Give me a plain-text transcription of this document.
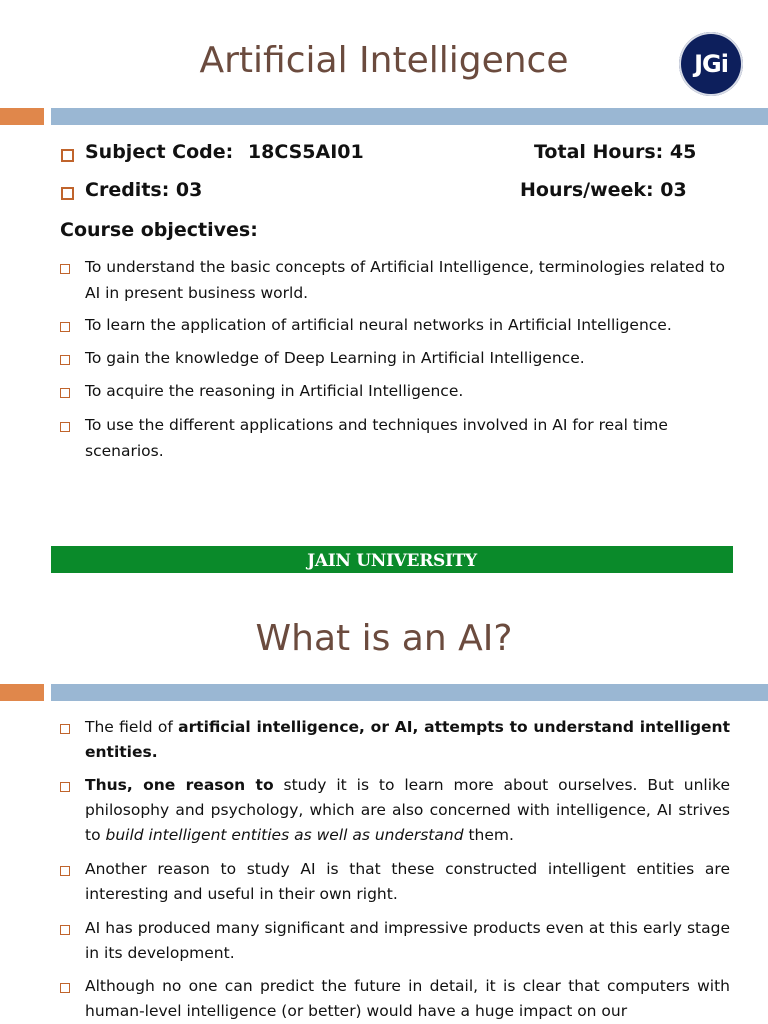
Artificial Intelligence	JGi
Subject Code: 18CS5AI01	Total Hours: 45
Credits: 03	Hours/week: 03
Course objectives:
To understand the basic concepts of Artificial Intelligence, terminologies related to AI in present business world.
To learn the application of artificial neural networks in Artificial Intelligence.
To gain the knowledge of Deep Learning in Artificial Intelligence.
To acquire the reasoning in Artificial Intelligence.
To use the different applications and techniques involved in AI for real time scenarios.
JAIN UNIVERSITY
What is an AI?
The field of artificial intelligence, or AI, attempts to understand intelligent entities.
Thus, one reason to study it is to learn more about ourselves. But unlike philosophy and psychology, which are also concerned with intelligence, AI strives to build intelligent entities as well as understand them.
Another reason to study AI is that these constructed intelligent entities are interesting and useful in their own right.
AI has produced many significant and impressive products even at this early stage in its development.
Although no one can predict the future in detail, it is clear that computers with human-level intelligence (or better) would have a huge impact on our
